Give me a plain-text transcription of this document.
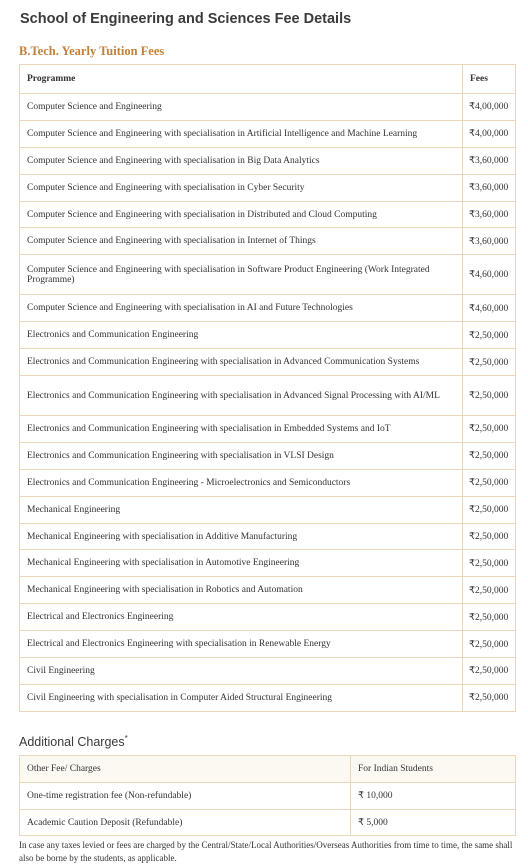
School of Engineering and Sciences Fee Details
B.Tech. Yearly Tuition Fees
Programme	Fees
Computer Science and Engineering	₹4,00,000
Computer Science and Engineering with specialisation in Artificial Intelligence and Machine Learning	₹4,00,000
Computer Science and Engineering with specialisation in Big Data Analytics	₹3,60,000
Computer Science and Engineering with specialisation in Cyber Security	₹3,60,000
Computer Science and Engineering with specialisation in Distributed and Cloud Computing	₹3,60,000
Computer Science and Engineering with specialisation in Internet of Things	₹3,60,000
Computer Science and Engineering with specialisation in Software Product Engineering (Work Integrated Programme)	₹4,60,000
Computer Science and Engineering with specialisation in AI and Future Technologies	₹4,60,000
Electronics and Communication Engineering	₹2,50,000
Electronics and Communication Engineering with specialisation in Advanced Communication Systems	₹2,50,000
Electronics and Communication Engineering with specialisation in Advanced Signal Processing with AI/ML	₹2,50,000
Electronics and Communication Engineering with specialisation in Embedded Systems and IoT	₹2,50,000
Electronics and Communication Engineering with specialisation in VLSI Design	₹2,50,000
Electronics and Communication Engineering - Microelectronics and Semiconductors	₹2,50,000
Mechanical Engineering	₹2,50,000
Mechanical Engineering with specialisation in Additive Manufacturing	₹2,50,000
Mechanical Engineering with specialisation in Automotive Engineering	₹2,50,000
Mechanical Engineering with specialisation in Robotics and Automation	₹2,50,000
Electrical and Electronics Engineering	₹2,50,000
Electrical and Electronics Engineering with specialisation in Renewable Energy	₹2,50,000
Civil Engineering	₹2,50,000
Civil Engineering with specialisation in Computer Aided Structural Engineering	₹2,50,000
Additional Charges*
Other Fee/ Charges	For Indian Students
One-time registration fee (Non-refundable)	₹ 10,000
Academic Caution Deposit (Refundable)	₹ 5,000
In case any taxes levied or fees are charged by the Central/State/Local Authorities/Overseas Authorities from time to time, the same shall also be borne by the students, as applicable.
